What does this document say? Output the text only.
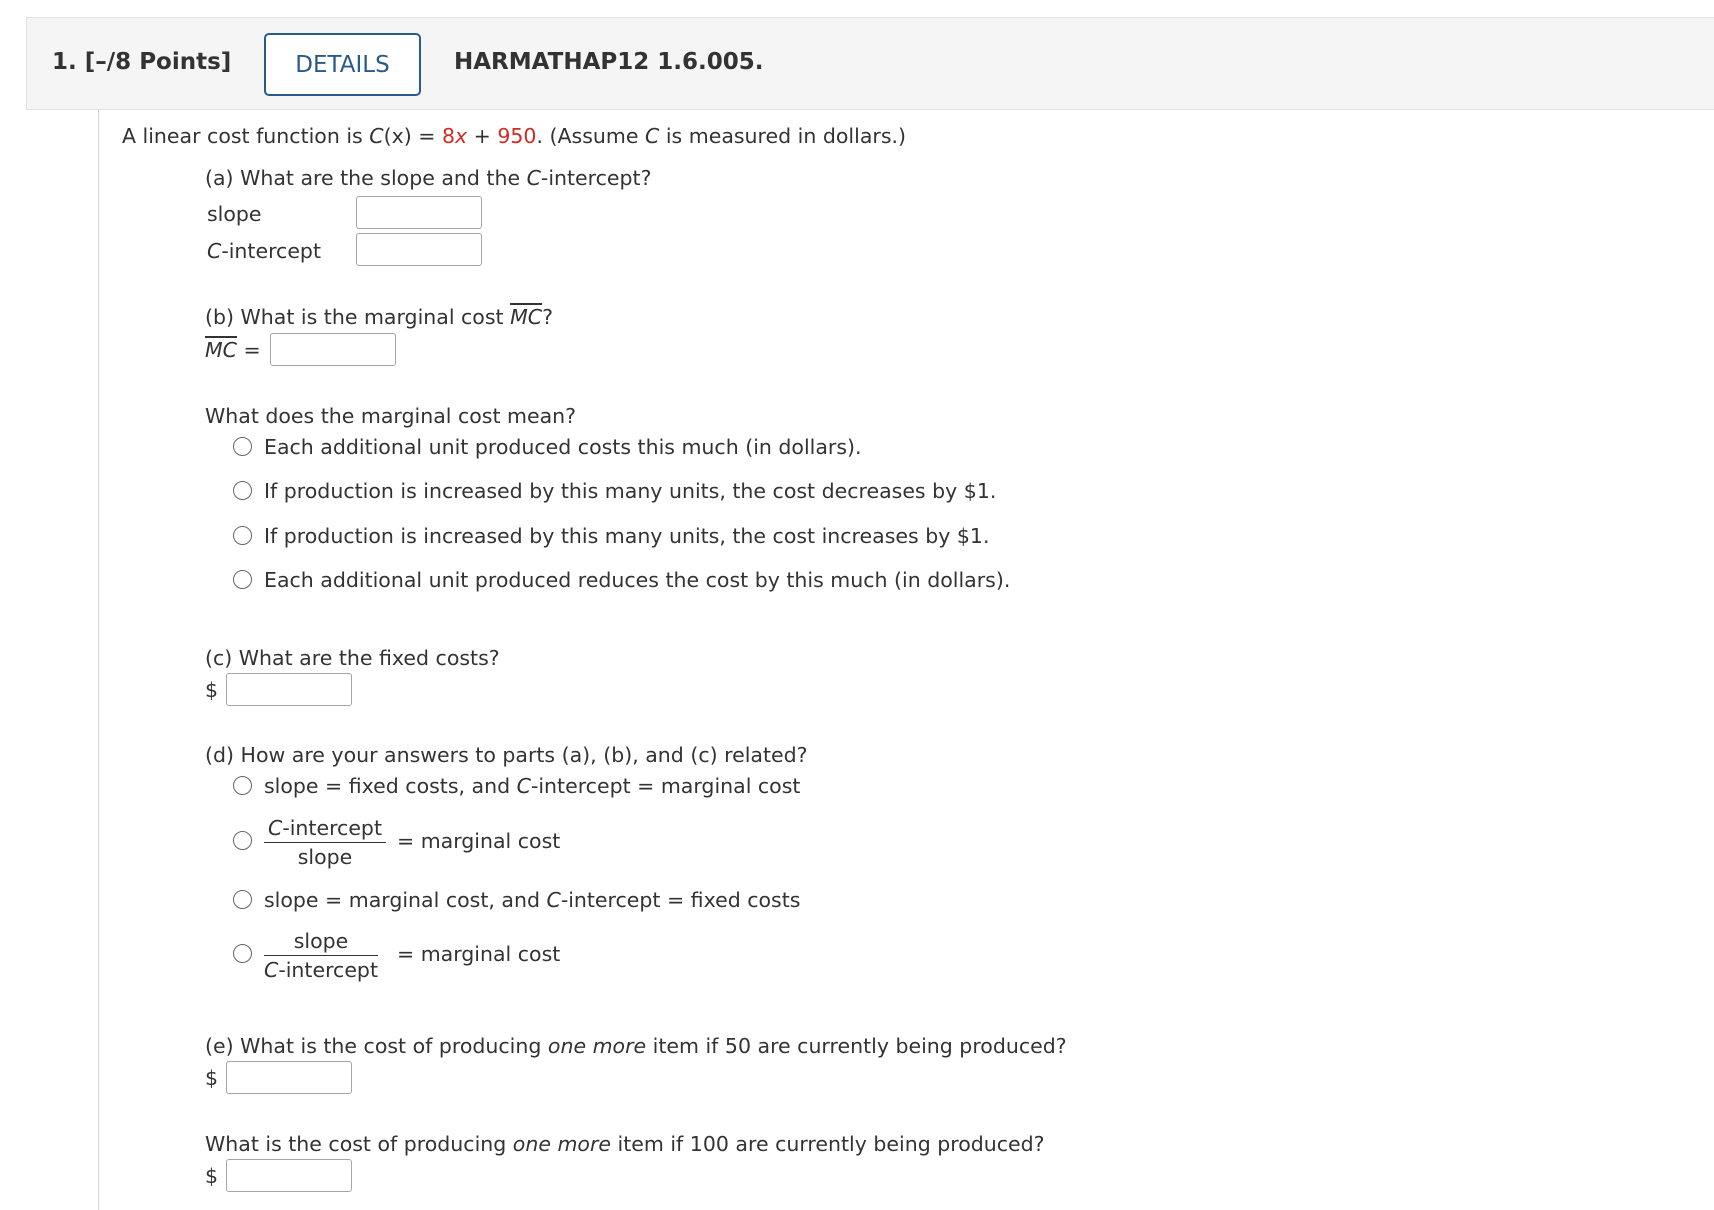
1. [–/8 Points]	DETAILS	HARMATHAP12 1.6.005.
A linear cost function is C(x) = 8x + 950. (Assume C is measured in dollars.)
(a) What are the slope and the C-intercept?
slope
C-intercept
(b) What is the marginal cost $\overline{MC}$?
$\overline{MC}$ =
What does the marginal cost mean?
Each additional unit produced costs this much (in dollars).
If production is increased by this many units, the cost decreases by $1.
If production is increased by this many units, the cost increases by $1.
Each additional unit produced reduces the cost by this much (in dollars).
(c) What are the fixed costs?
$
(d) How are your answers to parts (a), (b), and (c) related?
slope = fixed costs, and C-intercept = marginal cost
C-intercept
slope
= marginal cost
slope = marginal cost, and C-intercept = fixed costs
slope
C-intercept
= marginal cost
(e) What is the cost of producing one more item if 50 are currently being produced?
$
What is the cost of producing one more item if 100 are currently being produced?
$
